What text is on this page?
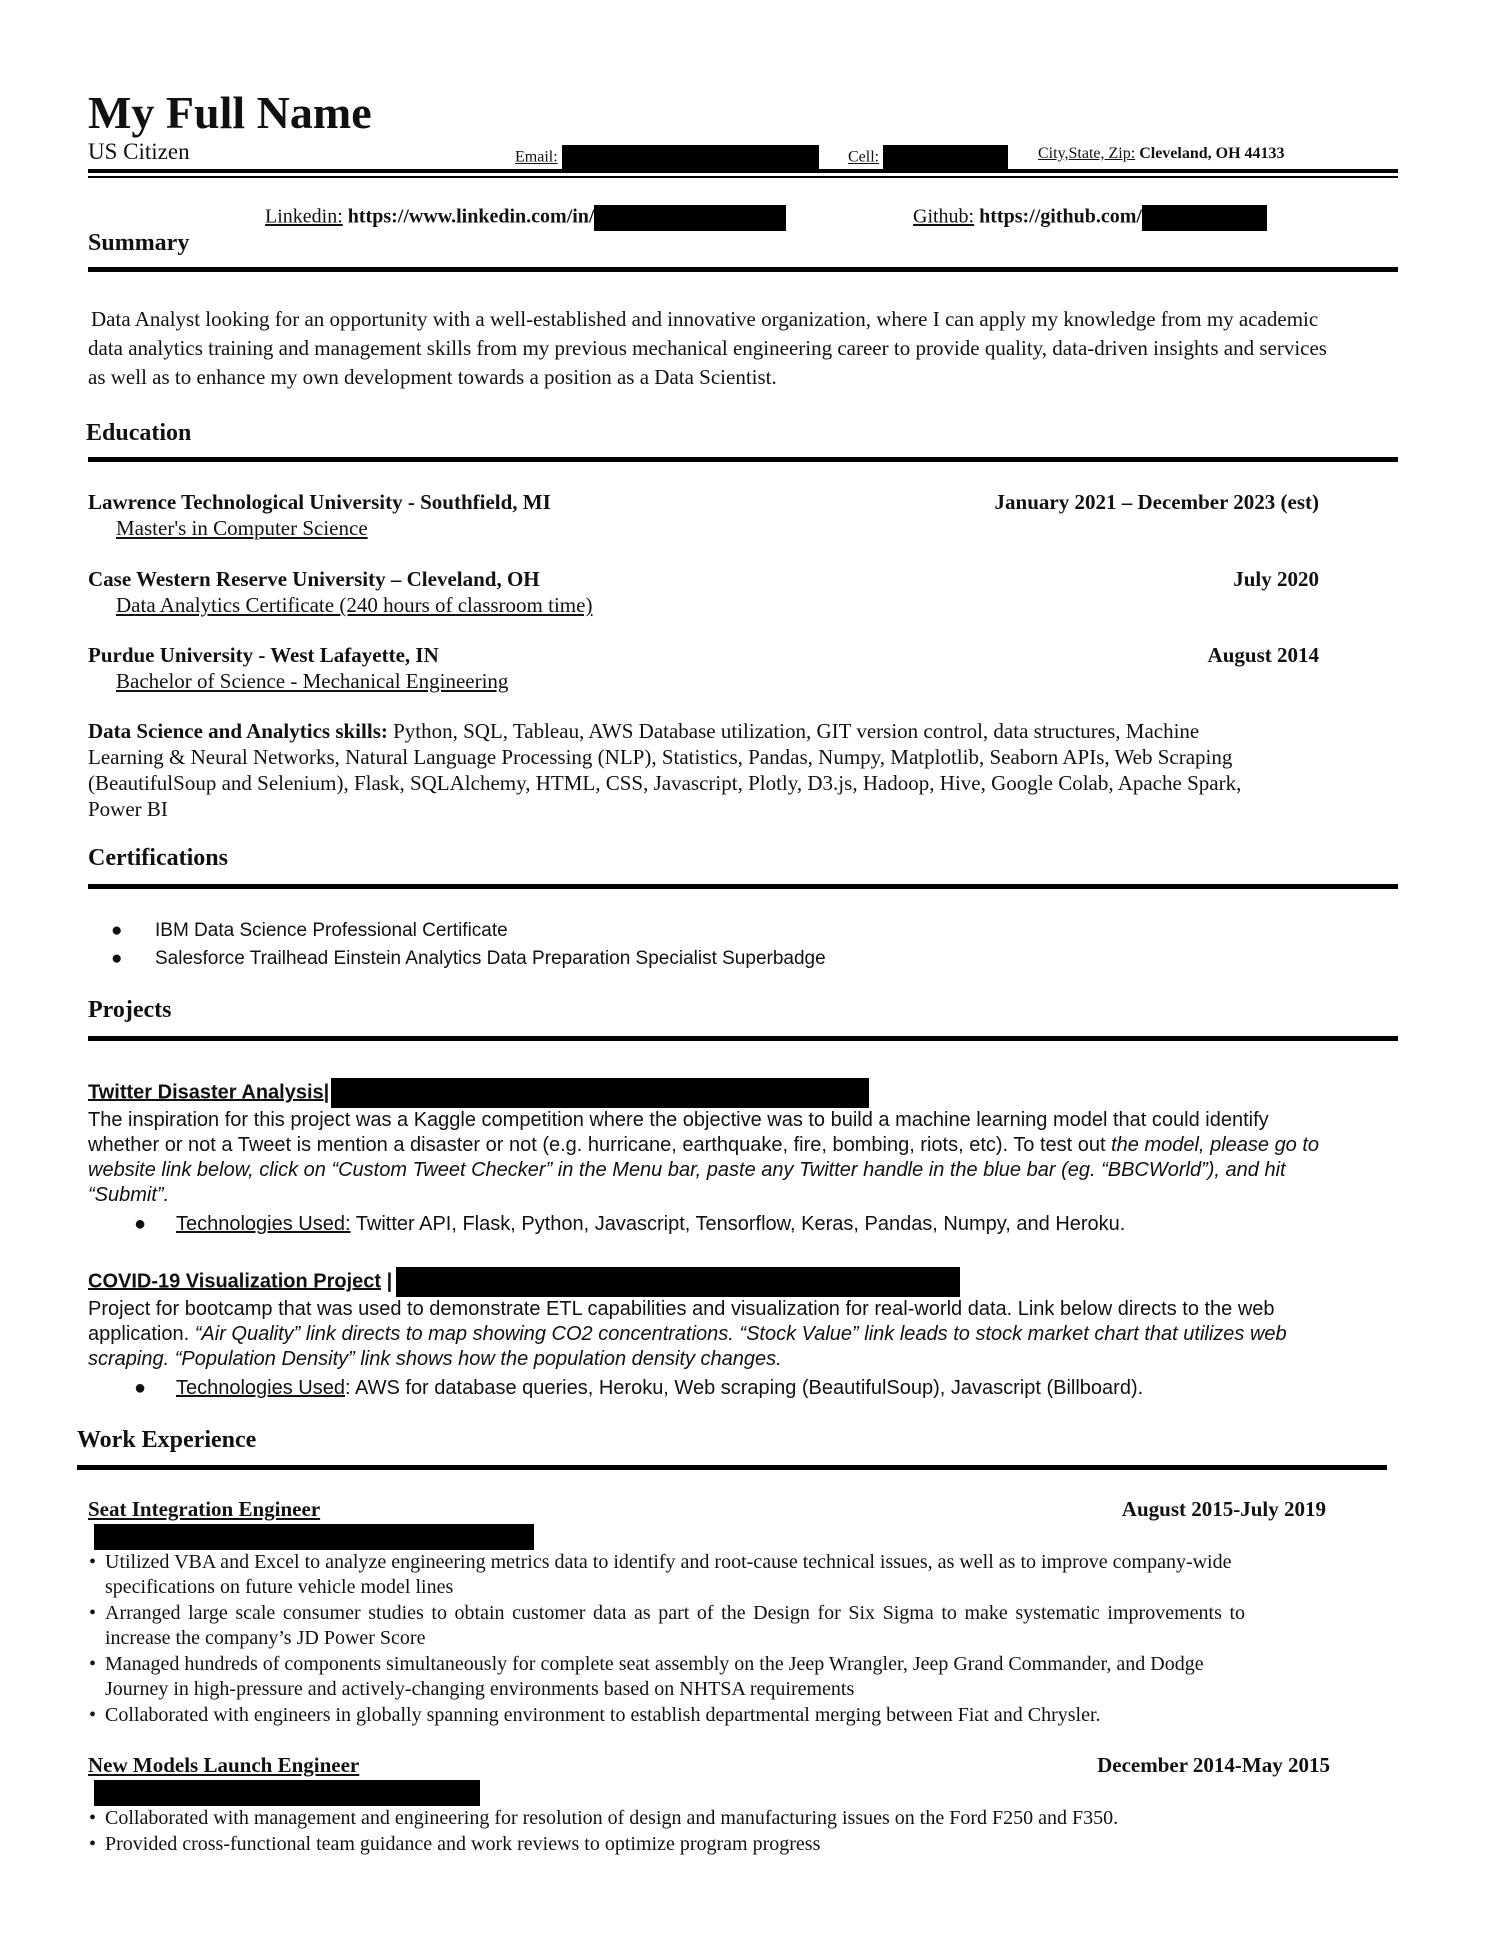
My Full Name
US Citizen	Email:	Cell:	City,State, Zip: Cleveland, OH 44133
Linkedin: https://www.linkedin.com/in/	Github: https://github.com/
Summary
Data Analyst looking for an opportunity with a well-established and innovative organization, where I can apply my knowledge from my academic data analytics training and management skills from my previous mechanical engineering career to provide quality, data-driven insights and services as well as to enhance my own development towards a position as a Data Scientist.
Education
Lawrence Technological University - Southfield, MI	January 2021 – December 2023 (est)
Master's in Computer Science
Case Western Reserve University – Cleveland, OH	July 2020
Data Analytics Certificate (240 hours of classroom time)
Purdue University - West Lafayette, IN	August 2014
Bachelor of Science - Mechanical Engineering
Data Science and Analytics skills: Python, SQL, Tableau, AWS Database utilization, GIT version control, data structures, Machine Learning & Neural Networks, Natural Language Processing (NLP), Statistics, Pandas, Numpy, Matplotlib, Seaborn APIs, Web Scraping (BeautifulSoup and Selenium), Flask, SQLAlchemy, HTML, CSS, Javascript, Plotly, D3.js, Hadoop, Hive, Google Colab, Apache Spark, Power BI
Certifications
● IBM Data Science Professional Certificate
● Salesforce Trailhead Einstein Analytics Data Preparation Specialist Superbadge
Projects
Twitter Disaster Analysis|
The inspiration for this project was a Kaggle competition where the objective was to build a machine learning model that could identify whether or not a Tweet is mention a disaster or not (e.g. hurricane, earthquake, fire, bombing, riots, etc). To test out the model, please go to website link below, click on “Custom Tweet Checker” in the Menu bar, paste any Twitter handle in the blue bar (eg. “BBCWorld”), and hit “Submit”.
● Technologies Used: Twitter API, Flask, Python, Javascript, Tensorflow, Keras, Pandas, Numpy, and Heroku.
COVID-19 Visualization Project |
Project for bootcamp that was used to demonstrate ETL capabilities and visualization for real-world data. Link below directs to the web application. “Air Quality” link directs to map showing CO2 concentrations. “Stock Value” link leads to stock market chart that utilizes web scraping. “Population Density” link shows how the population density changes.
● Technologies Used: AWS for database queries, Heroku, Web scraping (BeautifulSoup), Javascript (Billboard).
Work Experience
Seat Integration Engineer	August 2015-July 2019
• Utilized VBA and Excel to analyze engineering metrics data to identify and root-cause technical issues, as well as to improve company-wide specifications on future vehicle model lines
• Arranged large scale consumer studies to obtain customer data as part of the Design for Six Sigma to make systematic improvements to increase the company’s JD Power Score
• Managed hundreds of components simultaneously for complete seat assembly on the Jeep Wrangler, Jeep Grand Commander, and Dodge Journey in high-pressure and actively-changing environments based on NHTSA requirements
• Collaborated with engineers in globally spanning environment to establish departmental merging between Fiat and Chrysler.
New Models Launch Engineer	December 2014-May 2015
• Collaborated with management and engineering for resolution of design and manufacturing issues on the Ford F250 and F350.
• Provided cross-functional team guidance and work reviews to optimize program progress
